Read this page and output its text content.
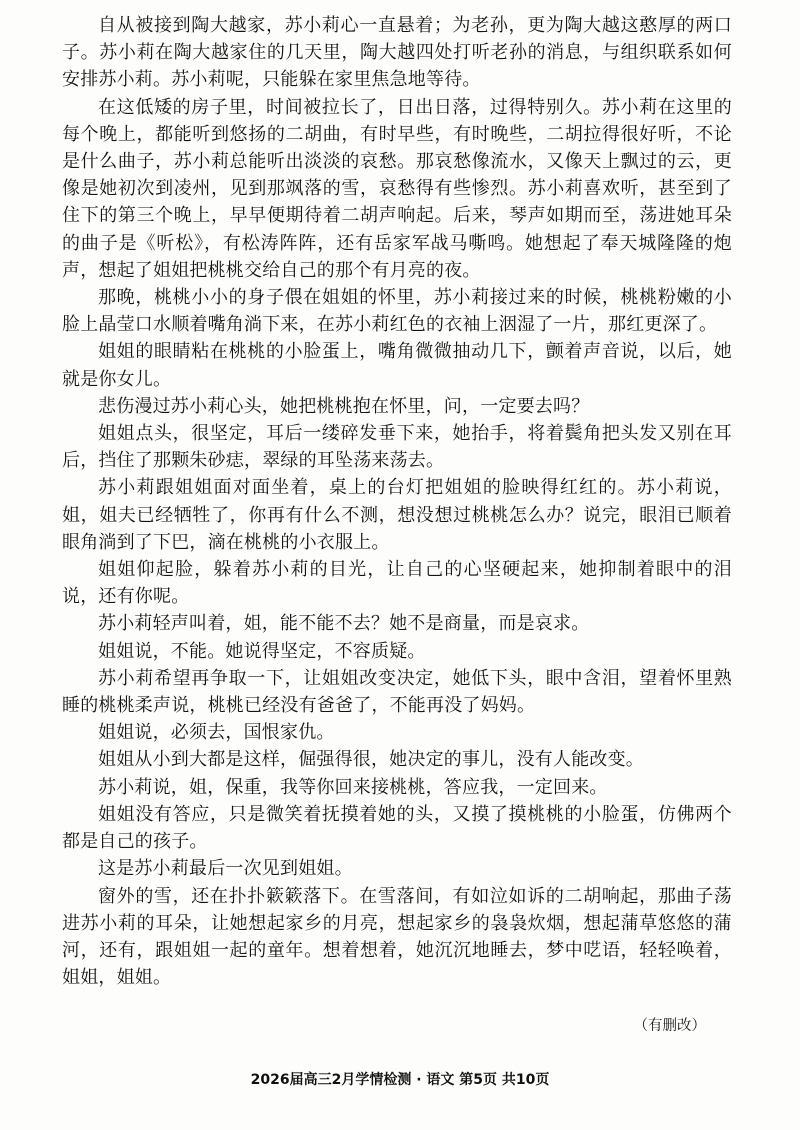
自从被接到陶大越家，苏小莉心一直悬着；为老孙，更为陶大越这憨厚的两口子。苏小莉在陶大越家住的几天里，陶大越四处打听老孙的消息，与组织联系如何安排苏小莉。苏小莉呢，只能躲在家里焦急地等待。

在这低矮的房子里，时间被拉长了，日出日落，过得特别久。苏小莉在这里的每个晚上，都能听到悠扬的二胡曲，有时早些，有时晚些，二胡拉得很好听，不论是什么曲子，苏小莉总能听出淡淡的哀愁。那哀愁像流水，又像天上飘过的云，更像是她初次到凌州，见到那飒落的雪，哀愁得有些惨烈。苏小莉喜欢听，甚至到了住下的第三个晚上，早早便期待着二胡声响起。后来，琴声如期而至，荡进她耳朵的曲子是《听松》，有松涛阵阵，还有岳家军战马嘶鸣。她想起了奉天城隆隆的炮声，想起了姐姐把桃桃交给自己的那个有月亮的夜。

那晚，桃桃小小的身子偎在姐姐的怀里，苏小莉接过来的时候，桃桃粉嫩的小脸上晶莹口水顺着嘴角淌下来，在苏小莉红色的衣袖上洇湿了一片，那红更深了。

姐姐的眼睛粘在桃桃的小脸蛋上，嘴角微微抽动几下，颤着声音说，以后，她就是你女儿。

悲伤漫过苏小莉心头，她把桃桃抱在怀里，问，一定要去吗？

姐姐点头，很坚定，耳后一缕碎发垂下来，她抬手，将着鬓角把头发又别在耳后，挡住了那颗朱砂痣，翠绿的耳坠荡来荡去。

苏小莉跟姐姐面对面坐着，桌上的台灯把姐姐的脸映得红红的。苏小莉说，姐，姐夫已经牺牲了，你再有什么不测，想没想过桃桃怎么办？说完，眼泪已顺着眼角淌到了下巴，滴在桃桃的小衣服上。

姐姐仰起脸，躲着苏小莉的目光，让自己的心坚硬起来，她抑制着眼中的泪说，还有你呢。

苏小莉轻声叫着，姐，能不能不去？她不是商量，而是哀求。

姐姐说，不能。她说得坚定，不容质疑。

苏小莉希望再争取一下，让姐姐改变决定，她低下头，眼中含泪，望着怀里熟睡的桃桃柔声说，桃桃已经没有爸爸了，不能再没了妈妈。

姐姐说，必须去，国恨家仇。

姐姐从小到大都是这样，倔强得很，她决定的事儿，没有人能改变。

苏小莉说，姐，保重，我等你回来接桃桃，答应我，一定回来。

姐姐没有答应，只是微笑着抚摸着她的头，又摸了摸桃桃的小脸蛋，仿佛两个都是自己的孩子。

这是苏小莉最后一次见到姐姐。

窗外的雪，还在扑扑簌簌落下。在雪落间，有如泣如诉的二胡响起，那曲子荡进苏小莉的耳朵，让她想起家乡的月亮，想起家乡的袅袅炊烟，想起蒲草悠悠的蒲河，还有，跟姐姐一起的童年。想着想着，她沉沉地睡去，梦中呓语，轻轻唤着，姐姐，姐姐。

（有删改）
2026届高三2月学情检测 · 语文 第5页 共10页
